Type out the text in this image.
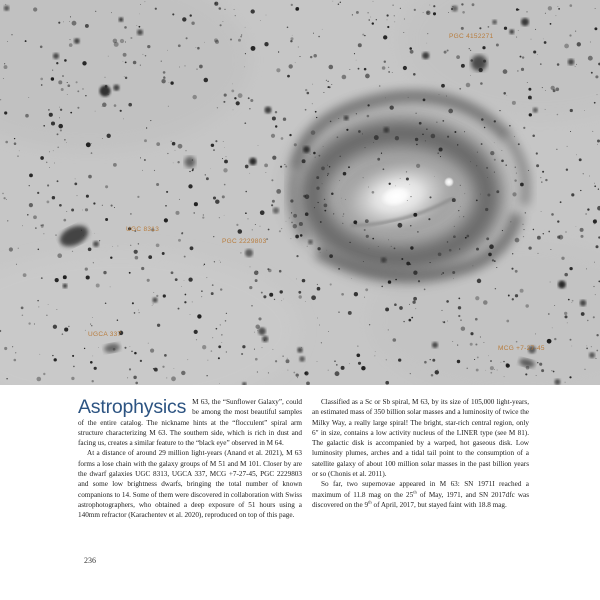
PGC 4152271
UGC 8313
PGC 2229803
UGCA 337
MCG +7-27-45
Astrophysics M 63, the “Sunflower Galaxy”, could be among the most beautiful samples of the entire catalog. The nickname hints at the “flocculent” spiral arm structure characterizing M 63. The southern side, which is rich in dust and facing us, creates a similar feature to the “black eye” observed in M 64.

At a distance of around 29 million light-years (Anand et al. 2021), M 63 forms a lose chain with the galaxy groups of M 51 and M 101. Closer by are the dwarf galaxies UGC 8313, UGCA 337, MCG +7-27-45, PGC 2229803 and some low brightness dwarfs, bringing the total number of known companions to 14. Some of them were discovered in collaboration with Swiss astrophotographers, who obtained a deep exposure of 51 hours using a 140mm refractor (Karachentev et al. 2020), reproduced on top of this page.

Classified as a Sc or Sb spiral, M 63, by its size of 105,000 light-years, an estimated mass of 350 billion solar masses and a luminosity of twice the Milky Way, a really large spiral! The bright, star-rich central region, only 6″ in size, contains a low activity nucleus of the LINER type (see M 81). The galactic disk is accompanied by a warped, hot gaseous disk. Low luminosity plumes, arches and a tidal tail point to the consumption of a satellite galaxy of about 100 million solar masses in the past billion years or so (Chonis et al. 2011).

So far, two supernovae appeared in M 63: SN 1971I reached a maximum of 11.8 mag on the 25th of May, 1971, and SN 2017dfc was discovered on the 9th of April, 2017, but stayed faint with 18.8 mag.

236
